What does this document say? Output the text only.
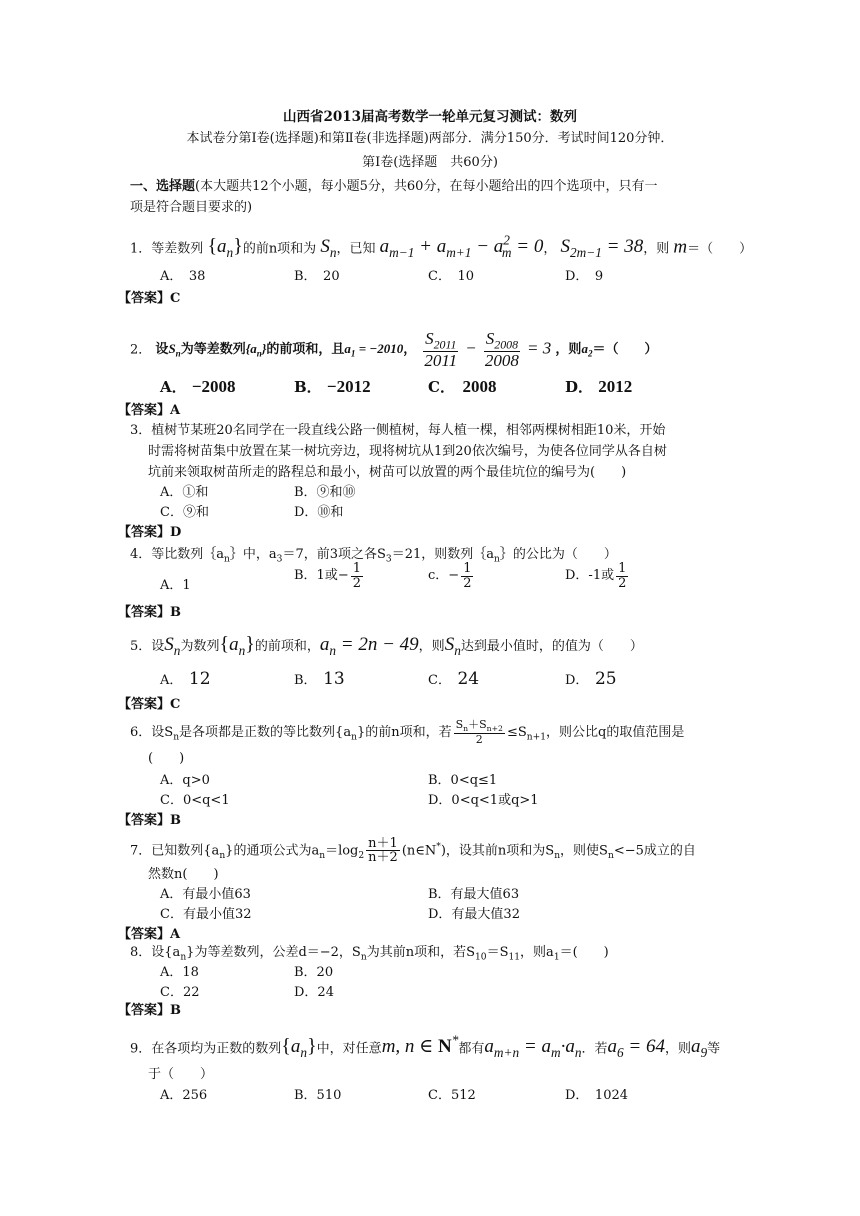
山西省2013届高考数学一轮单元复习测试：数列
本试卷分第Ⅰ卷(选择题)和第Ⅱ卷(非选择题)两部分．满分150分．考试时间120分钟．
第Ⅰ卷(选择题　共60分)
一、选择题(本大题共12个小题，每小题5分，共60分，在每小题给出的四个选项中，只有一
项是符合题目要求的)
1．等差数列 $\{a_n\}$的前n项和为 $S_n$，已知 $a_{m-1} + a_{m+1} - a^2_m = 0$， $S_{2m-1} = 38$，则 m＝（　　）
A．　38	B．　20	C．　10	D．　9
【答案】C
2． 设$S_n$为等差数列$\{a_n\}$的前项和，且$a_1 = -2010$， $\frac{S_{2011}}{2011} - \frac{S_{2008}}{2008} = 3$ ，则$a_2=$（　　）
A． −2008	B． −2012	C．　 2008	D． 2012
【答案】A
3．植树节某班20名同学在一段直线公路一侧植树，每人植一棵，相邻两棵树相距10米，开始
时需将树苗集中放置在某一树坑旁边，现将树坑从1到20依次编号，为使各位同学从各自树
坑前来领取树苗所走的路程总和最小，树苗可以放置的两个最佳坑位的编号为(　　)
A．①和	B．⑨和⑩
C．⑨和	D．⑩和
【答案】D
4．等比数列$\{a_n\}$中，$a_3=7$，前3项之各$S_3=21$，则数列$\{a_n\}$的公比为（　　）
A．1
B．1或− $\frac{1}{2}$	c．− $\frac{1}{2}$	D．-1或 $\frac{1}{2}$
【答案】B
5．设$S_n$为数列$\{a_n\}$的前项和，$a_n = 2n - 49$，则$S_n$达到最小值时，的值为（　　）
A．　 12	B．　 13	C．　 24	D．　 25
【答案】C
6．设$S_n$是各项都是正数的等比数列$\{a_n\}$的前n项和，若 $\frac{S_n+S_{n+2}}{2} \le S_{n+1}$，则公比q的取值范围是
(　　)
A．q>0	B．0<q≤1
C．0<q<1	D．0<q<1或q>1
【答案】B
7．已知数列$\{a_n\}$的通项公式为$a_n=\log_2 \frac{n+1}{n+2}$ (n∈N*)，设其前n项和为$S_n$，则使$S_n<-5$成立的自
然数n(　　)
A．有最小值63	B．有最大值63
C．有最小值32	D．有最大值32
【答案】A
8．设$\{a_n\}$为等差数列，公差d＝−2，$S_n$为其前n项和，若$S_{10}=S_{11}$，则$a_1=$(　　)
A．18	B．20
C．22	D．24
【答案】B
9．在各项均为正数的数列$\{a_n\}$中，对任意m, n ∈ N*都有$a_{m+n} = a_m\cdot a_n$．若$a_6 = 64$，则$a_9$等
于（　　）
A．256	B．510	C．512	D．　1024
